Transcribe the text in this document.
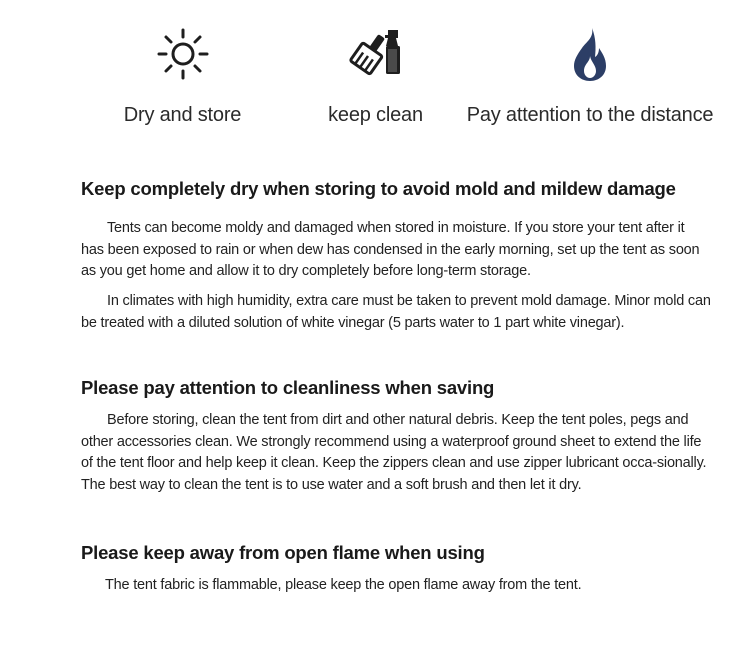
Dry and store	keep clean	Pay attention to the distance
Keep completely dry when storing to avoid mold and mildew damage

Tents can become moldy and damaged when stored in moisture. If you store your tent after it has been exposed to rain or when dew has condensed in the early morning, set up the tent as soon as you get home and allow it to dry completely before long-term storage.

In climates with high humidity, extra care must be taken to prevent mold damage. Minor mold can be treated with a diluted solution of white vinegar (5 parts water to 1 part white vinegar).

Please pay attention to cleanliness when saving

Before storing, clean the tent from dirt and other natural debris. Keep the tent poles, pegs and other accessories clean. We strongly recommend using a waterproof ground sheet to extend the life of the tent floor and help keep it clean. Keep the zippers clean and use zipper lubricant occa-sionally. The best way to clean the tent is to use water and a soft brush and then let it dry.

Please keep away from open flame when using

The tent fabric is flammable, please keep the open flame away from the tent.
